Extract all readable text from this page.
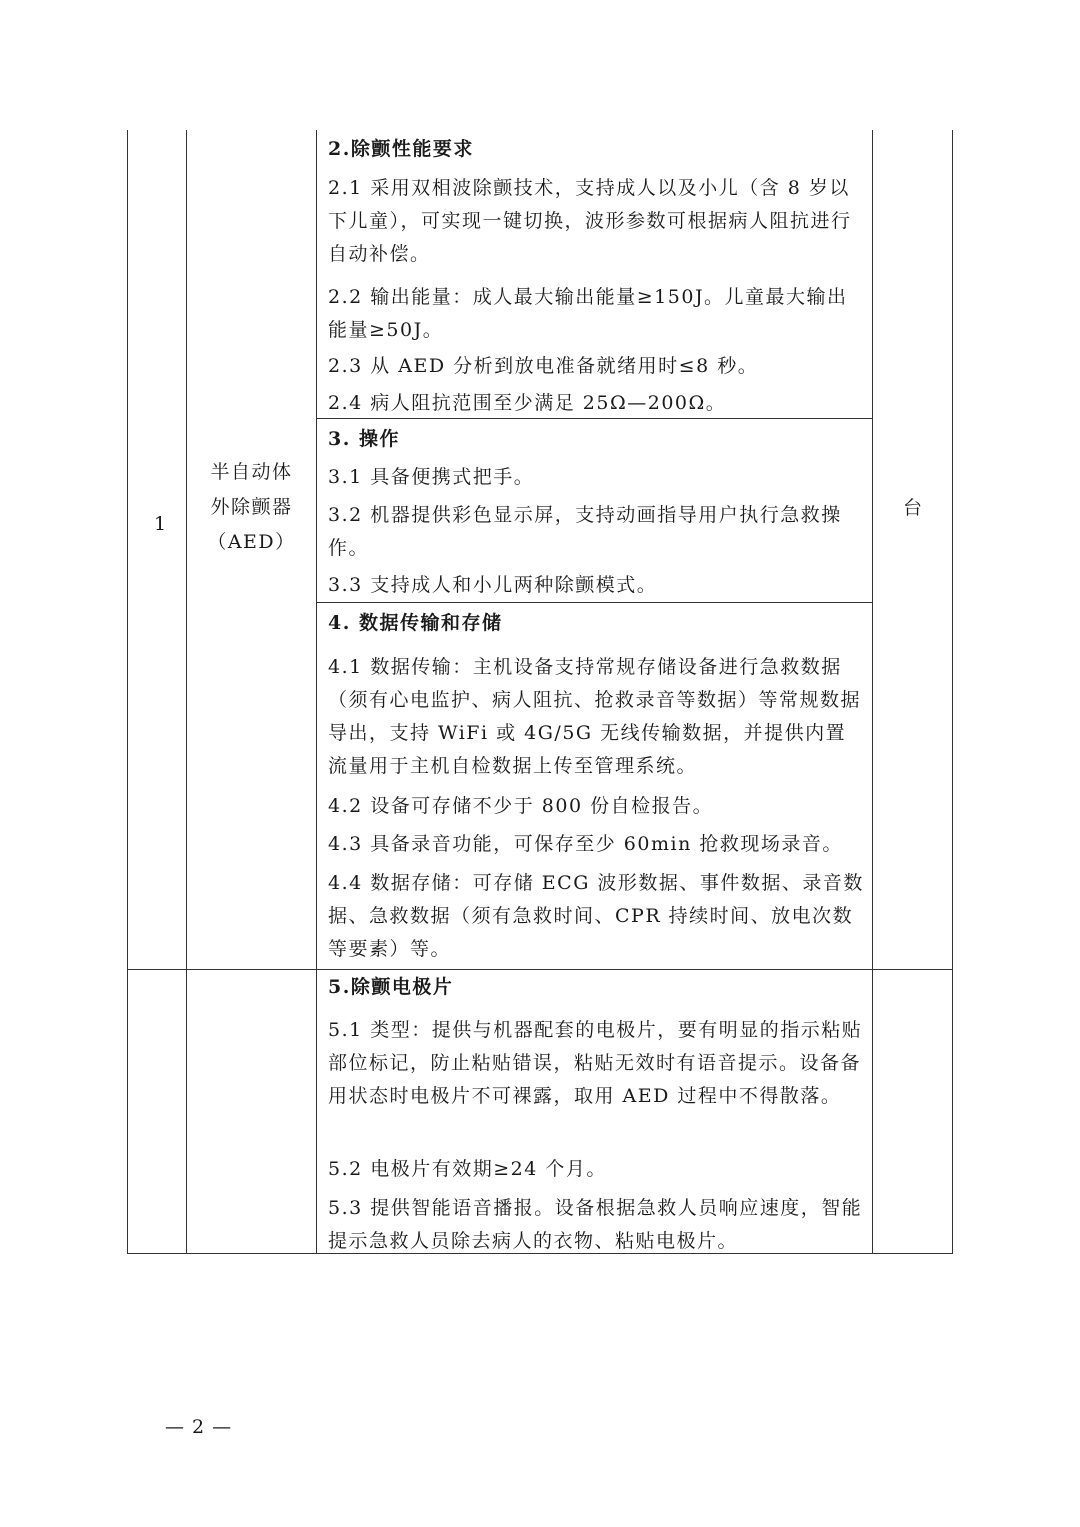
1
半自动体
外除颤器
（AED）
台
2.除颤性能要求
2.1 采用双相波除颤技术，支持成人以及小儿（含 8 岁以下儿童），可实现一键切换，波形参数可根据病人阻抗进行自动补偿。
2.2 输出能量：成人最大输出能量≥150J。儿童最大输出能量≥50J。
2.3 从 AED 分析到放电准备就绪用时≤8 秒。
2.4 病人阻抗范围至少满足 25Ω—200Ω。
3. 操作
3.1 具备便携式把手。
3.2 机器提供彩色显示屏，支持动画指导用户执行急救操作。
3.3 支持成人和小儿两种除颤模式。
4. 数据传输和存储
4.1 数据传输：主机设备支持常规存储设备进行急救数据（须有心电监护、病人阻抗、抢救录音等数据）等常规数据导出，支持 WiFi 或 4G/5G 无线传输数据，并提供内置流量用于主机自检数据上传至管理系统。
4.2 设备可存储不少于 800 份自检报告。
4.3 具备录音功能，可保存至少 60min 抢救现场录音。
4.4 数据存储：可存储 ECG 波形数据、事件数据、录音数据、急救数据（须有急救时间、CPR 持续时间、放电次数等要素）等。
5.除颤电极片
5.1 类型：提供与机器配套的电极片，要有明显的指示粘贴部位标记，防止粘贴错误，粘贴无效时有语音提示。设备备用状态时电极片不可裸露，取用 AED 过程中不得散落。
5.2 电极片有效期≥24 个月。
5.3 提供智能语音播报。设备根据急救人员响应速度，智能提示急救人员除去病人的衣物、粘贴电极片。
— 2 —
